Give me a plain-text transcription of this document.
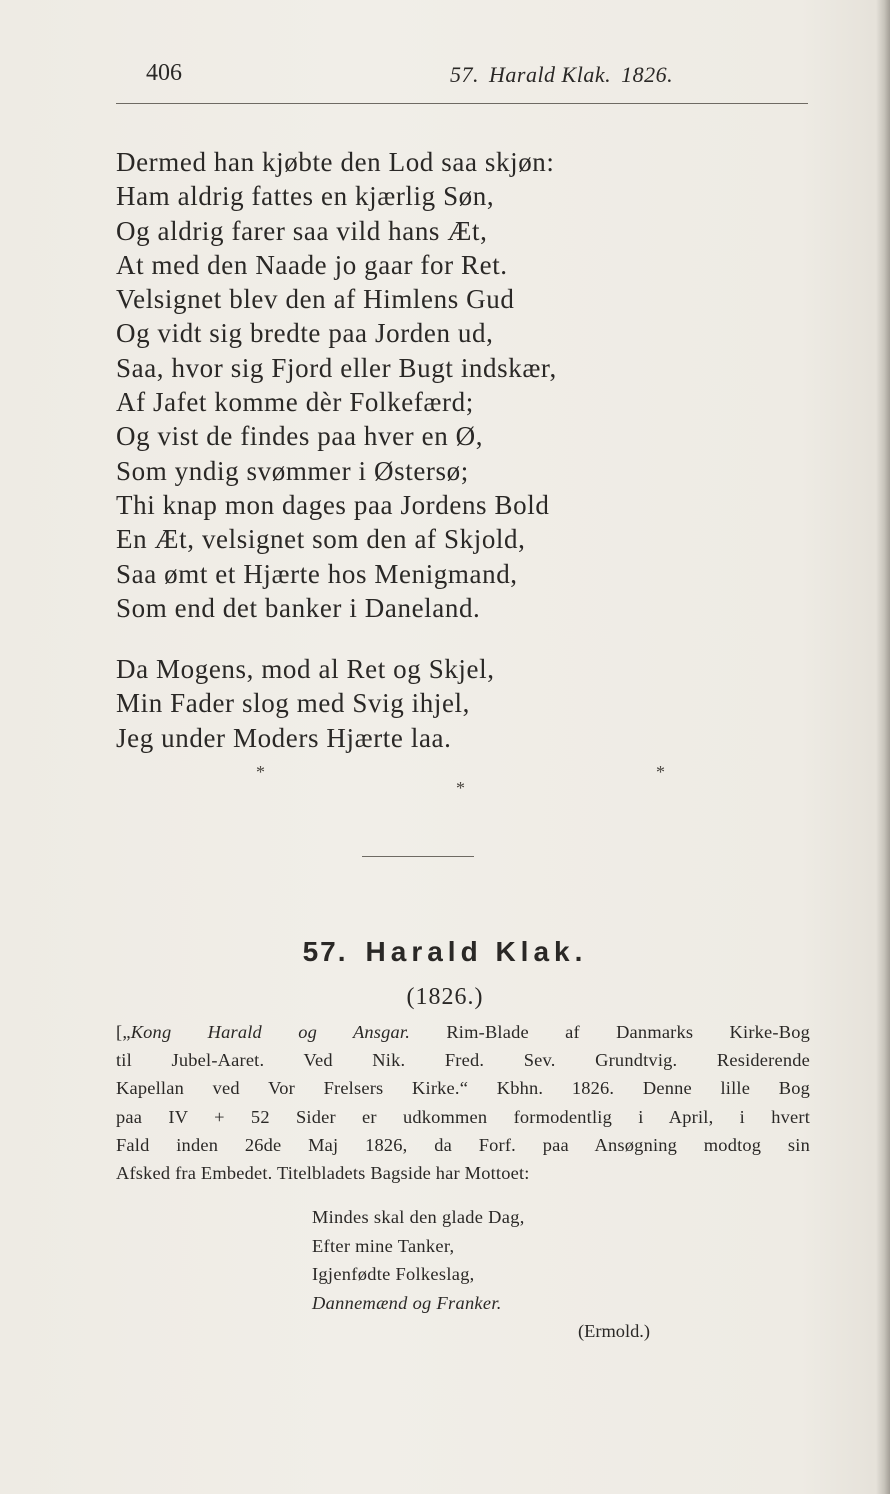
406	57. Harald Klak. 1826.
Dermed han kjøbte den Lod saa skjøn:
Ham aldrig fattes en kjærlig Søn,
Og aldrig farer saa vild hans Æt,
At med den Naade jo gaar for Ret.
Velsignet blev den af Himlens Gud
Og vidt sig bredte paa Jorden ud,
Saa, hvor sig Fjord eller Bugt indskær,
Af Jafet komme dèr Folkefærd;
Og vist de findes paa hver en Ø,
Som yndig svømmer i Østersø;
Thi knap mon dages paa Jordens Bold
En Æt, velsignet som den af Skjold,
Saa ømt et Hjærte hos Menigmand,
Som end det banker i Daneland.
Da Mogens, mod al Ret og Skjel,
Min Fader slog med Svig ihjel,
Jeg under Moders Hjærte laa.
*	*
*
57. Harald Klak.
(1826.)
[„Kong Harald og Ansgar. Rim-Blade af Danmarks Kirke-Bog
til Jubel-Aaret. Ved Nik. Fred. Sev. Grundtvig. Residerende
Kapellan ved Vor Frelsers Kirke.“ Kbhn. 1826. Denne lille Bog
paa IV + 52 Sider er udkommen formodentlig i April, i hvert
Fald inden 26de Maj 1826, da Forf. paa Ansøgning modtog sin
Afsked fra Embedet. Titelbladets Bagside har Mottoet:
Mindes skal den glade Dag,
Efter mine Tanker,
Igjenfødte Folkeslag,
Dannemænd og Franker.
(Ermold.)
